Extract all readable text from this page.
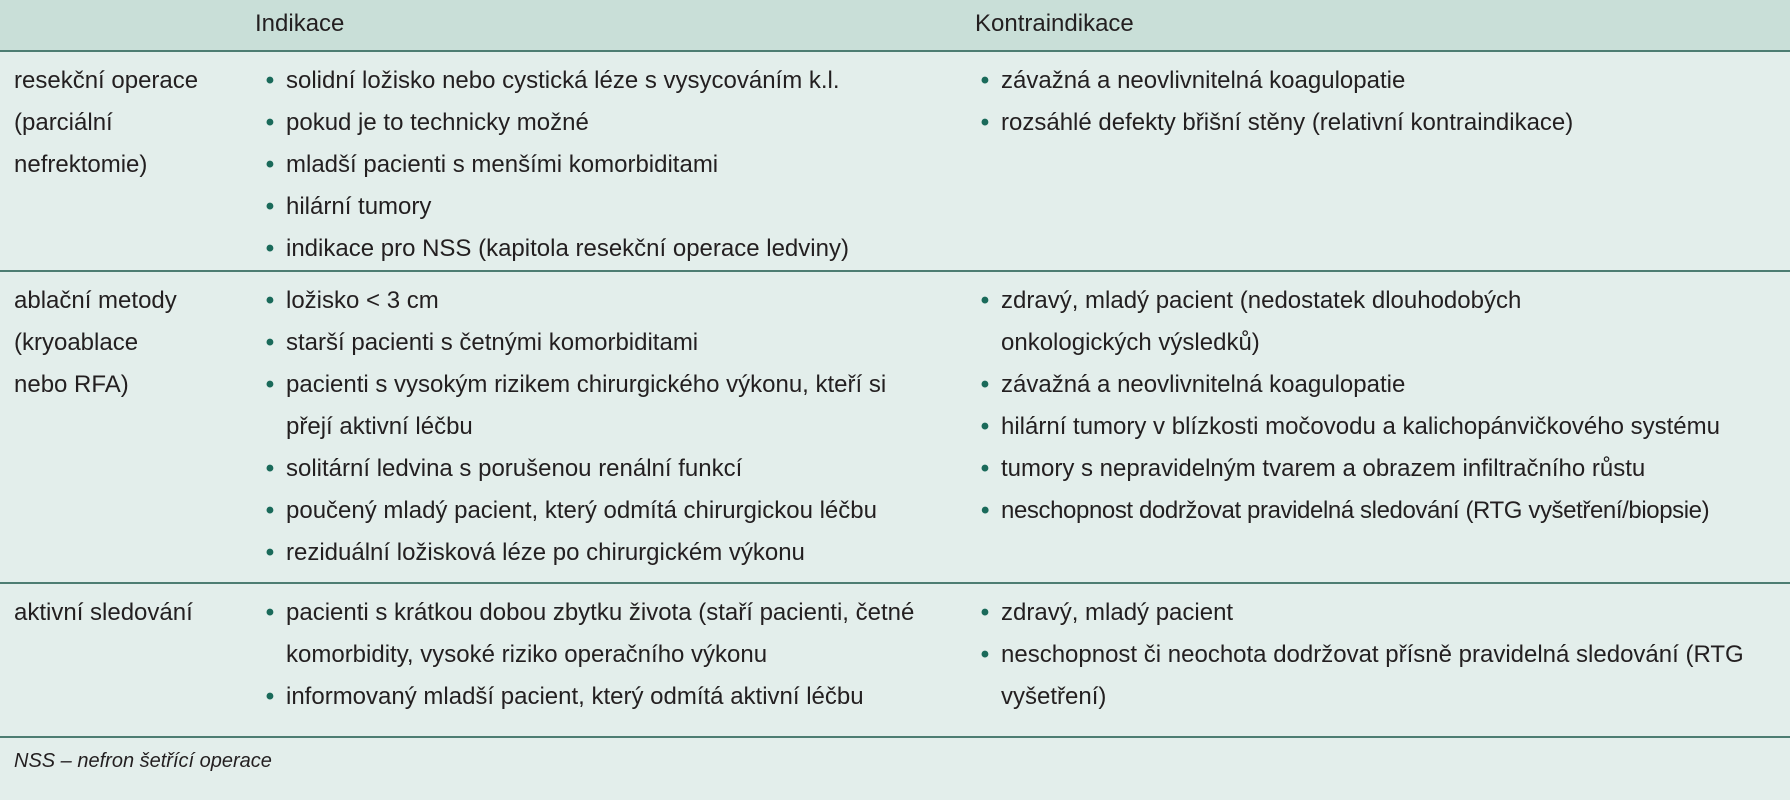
Indikace	Kontraindikace
resekční operace
(parciální
nefrektomie)
• solidní ložisko nebo cystická léze s vysycováním k.l.
• pokud je to technicky možné
• mladší pacienti s menšími komorbiditami
• hilární tumory
• indikace pro NSS (kapitola resekční operace ledviny)
• závažná a neovlivnitelná koagulopatie
• rozsáhlé defekty břišní stěny (relativní kontraindikace)
ablační metody
(kryoablace
nebo RFA)
• ložisko < 3 cm
• starší pacienti s četnými komorbiditami
• pacienti s vysokým rizikem chirurgického výkonu, kteří si přejí aktivní léčbu
• solitární ledvina s porušenou renální funkcí
• poučený mladý pacient, který odmítá chirurgickou léčbu
• reziduální ložisková léze po chirurgickém výkonu
• zdravý, mladý pacient (nedostatek dlouhodobých onkologických výsledků)
• závažná a neovlivnitelná koagulopatie
• hilární tumory v blízkosti močovodu a kalichopánvičkového systému
• tumory s nepravidelným tvarem a obrazem infiltračního růstu
• neschopnost dodržovat pravidelná sledování (RTG vyšetření/biopsie)
aktivní sledování	• pacienti s krátkou dobou zbytku života (staří pacienti, četné komorbidity, vysoké riziko operačního výkonu
• informovaný mladší pacient, který odmítá aktivní léčbu
• zdravý, mladý pacient
• neschopnost či neochota dodržovat přísně pravidelná sledování (RTG vyšetření)
NSS – nefron šetřící operace
